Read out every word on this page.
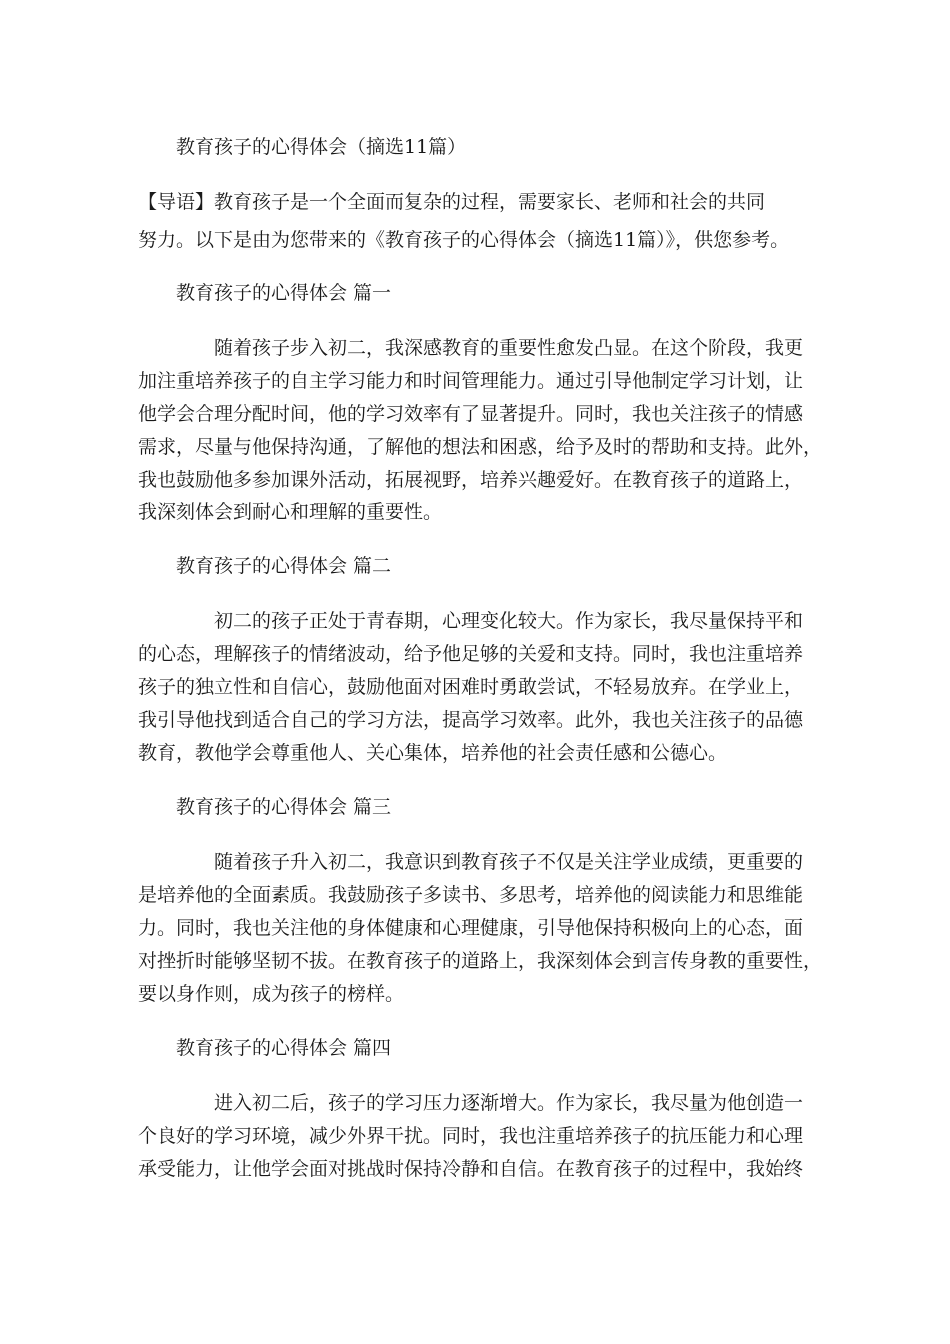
教育孩子的心得体会（摘选11篇）

【导语】教育孩子是一个全面而复杂的过程，需要家长、老师和社会的共同

努力。以下是由为您带来的《教育孩子的心得体会（摘选11篇）》，供您参考。

教育孩子的心得体会 篇一

随着孩子步入初二，我深感教育的重要性愈发凸显。在这个阶段，我更

加注重培养孩子的自主学习能力和时间管理能力。通过引导他制定学习计划，让

他学会合理分配时间，他的学习效率有了显著提升。同时，我也关注孩子的情感

需求，尽量与他保持沟通，了解他的想法和困惑，给予及时的帮助和支持。此外，

我也鼓励他多参加课外活动，拓展视野，培养兴趣爱好。在教育孩子的道路上，

我深刻体会到耐心和理解的重要性。

教育孩子的心得体会 篇二

初二的孩子正处于青春期，心理变化较大。作为家长，我尽量保持平和

的心态，理解孩子的情绪波动，给予他足够的关爱和支持。同时，我也注重培养

孩子的独立性和自信心，鼓励他面对困难时勇敢尝试，不轻易放弃。在学业上，

我引导他找到适合自己的学习方法，提高学习效率。此外，我也关注孩子的品德

教育，教他学会尊重他人、关心集体，培养他的社会责任感和公德心。

教育孩子的心得体会 篇三

随着孩子升入初二，我意识到教育孩子不仅是关注学业成绩，更重要的

是培养他的全面素质。我鼓励孩子多读书、多思考，培养他的阅读能力和思维能

力。同时，我也关注他的身体健康和心理健康，引导他保持积极向上的心态，面

对挫折时能够坚韧不拔。在教育孩子的道路上，我深刻体会到言传身教的重要性，

要以身作则，成为孩子的榜样。

教育孩子的心得体会 篇四

进入初二后，孩子的学习压力逐渐增大。作为家长，我尽量为他创造一

个良好的学习环境，减少外界干扰。同时，我也注重培养孩子的抗压能力和心理

承受能力，让他学会面对挑战时保持冷静和自信。在教育孩子的过程中，我始终
